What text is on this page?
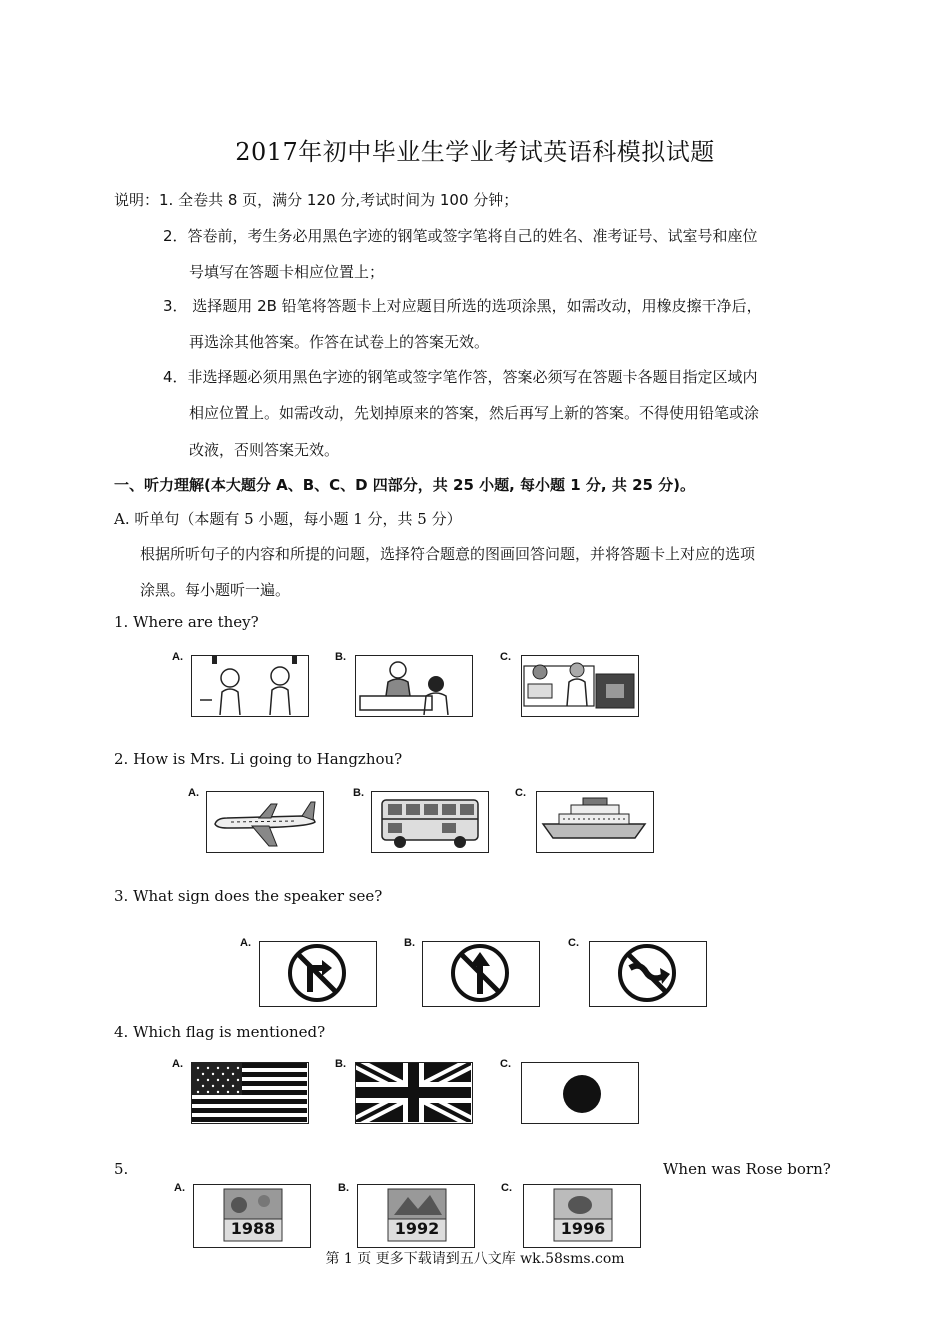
2017年初中毕业生学业考试英语科模拟试题
说明：1. 全卷共 8 页，满分 120 分,考试时间为 100 分钟；
2．答卷前，考生务必用黑色字迹的钢笔或签字笔将自己的姓名、准考证号、试室号和座位
号填写在答题卡相应位置上；
3． 选择题用 2B 铅笔将答题卡上对应题目所选的选项涂黑，如需改动，用橡皮擦干净后，
再选涂其他答案。作答在试卷上的答案无效。
4．非选择题必须用黑色字迹的钢笔或签字笔作答，答案必须写在答题卡各题目指定区域内
相应位置上。如需改动，先划掉原来的答案，然后再写上新的答案。不得使用铅笔或涂
改液，否则答案无效。
一、听力理解(本大题分 A、B、C、D 四部分，共 25 小题, 每小题 1 分, 共 25 分)。
A. 听单句（本题有 5 小题，每小题 1 分，共 5 分）
根据所听句子的内容和所提的问题，选择符合题意的图画回答问题，并将答题卡上对应的选项
涂黑。每小题听一遍。
1. Where are they?
A.	B.	C.
2. How is Mrs. Li going to Hangzhou?
A.	B.	C.
3. What sign does the speaker see?
A.	B.	C.
4. Which flag is mentioned?
A.	B.	C.
5.	When was Rose born?
A.
1988
B.
1992
C.
1996
第 1 页 更多下载请到五八文库 wk.58sms.com
